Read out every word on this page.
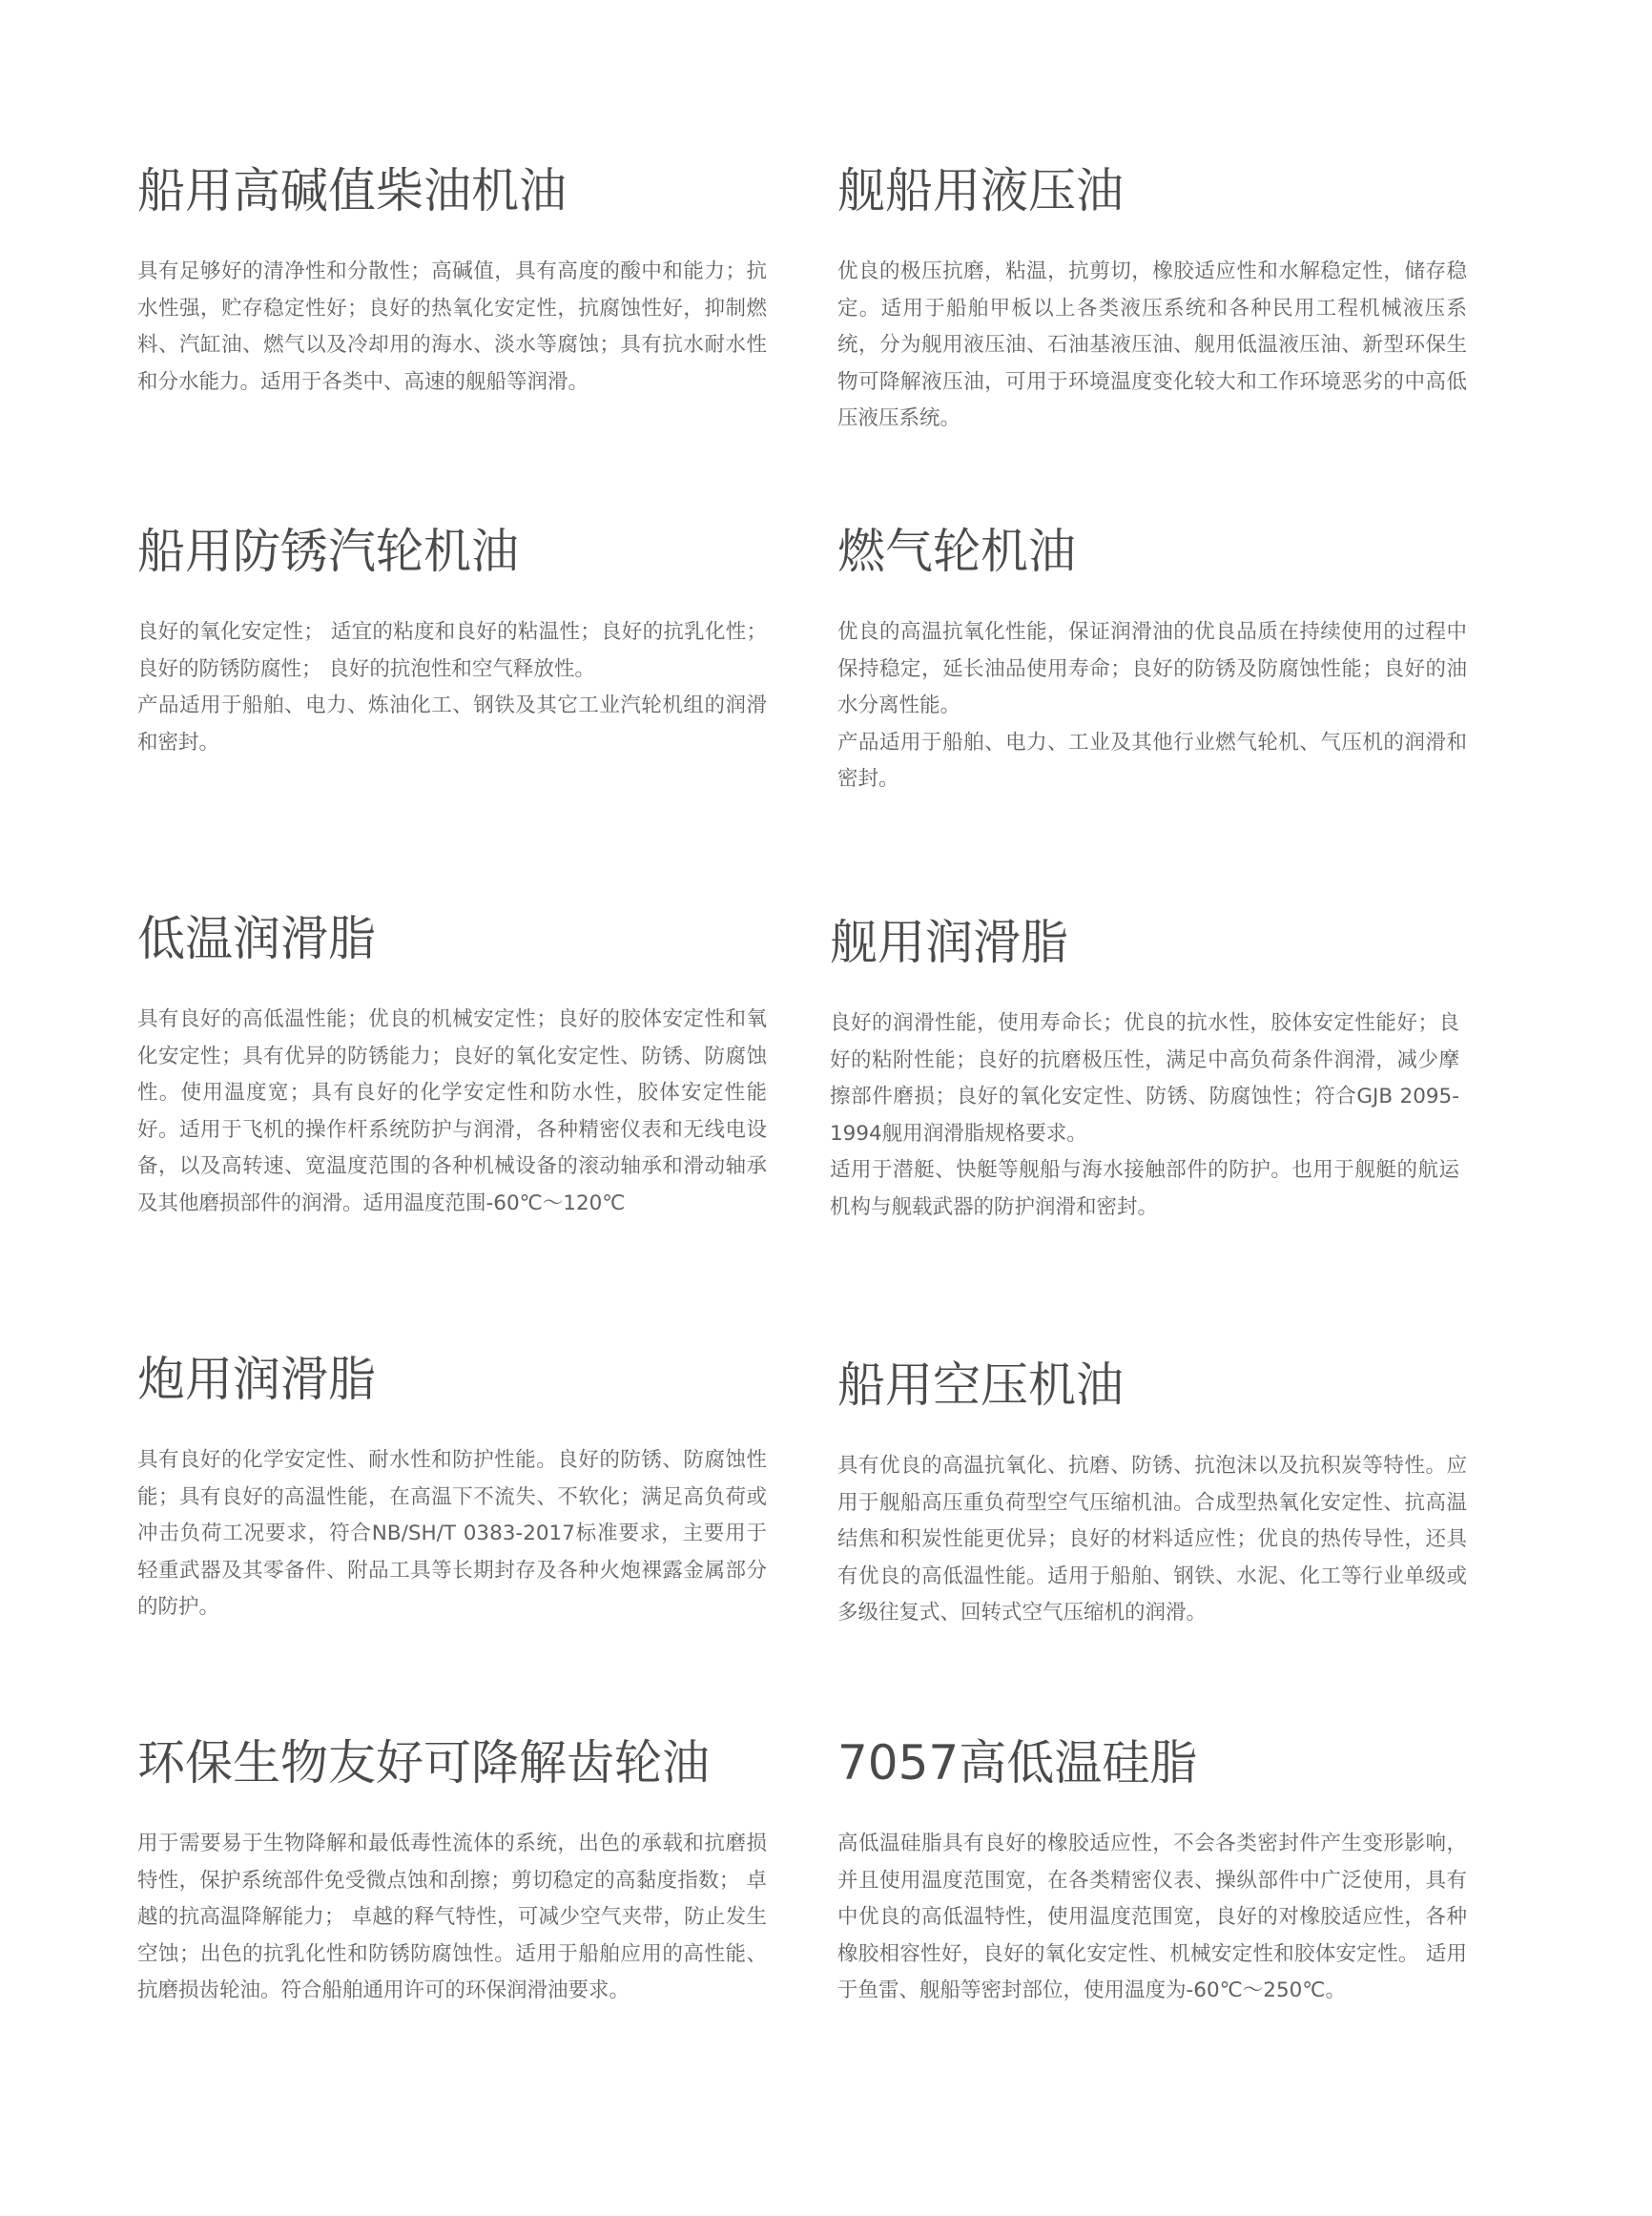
船用高碱值柴油机油

具有足够好的清净性和分散性；高碱值，具有高度的酸中和能力；抗水性强，贮存稳定性好；良好的热氧化安定性，抗腐蚀性好，抑制燃料、汽缸油、燃气以及冷却用的海水、淡水等腐蚀；具有抗水耐水性和分水能力。适用于各类中、高速的舰船等润滑。

船用防锈汽轮机油

良好的氧化安定性； 适宜的粘度和良好的粘温性；良好的抗乳化性； 良好的防锈防腐性； 良好的抗泡性和空气释放性。
产品适用于船舶、电力、炼油化工、钢铁及其它工业汽轮机组的润滑和密封。

低温润滑脂

具有良好的高低温性能；优良的机械安定性；良好的胶体安定性和氧化安定性；具有优异的防锈能力；良好的氧化安定性、防锈、防腐蚀性。使用温度宽；具有良好的化学安定性和防水性，胶体安定性能好。适用于飞机的操作杆系统防护与润滑，各种精密仪表和无线电设备，以及高转速、宽温度范围的各种机械设备的滚动轴承和滑动轴承及其他磨损部件的润滑。适用温度范围-60℃～120℃

炮用润滑脂

具有良好的化学安定性、耐水性和防护性能。良好的防锈、防腐蚀性能；具有良好的高温性能，在高温下不流失、不软化；满足高负荷或冲击负荷工况要求，符合NB/SH/T 0383-2017标准要求，主要用于轻重武器及其零备件、附品工具等长期封存及各种火炮裸露金属部分的防护。

环保生物友好可降解齿轮油

用于需要易于生物降解和最低毒性流体的系统，出色的承载和抗磨损特性，保护系统部件免受微点蚀和刮擦；剪切稳定的高黏度指数； 卓越的抗高温降解能力； 卓越的释气特性，可减少空气夹带，防止发生空蚀；出色的抗乳化性和防锈防腐蚀性。适用于船舶应用的高性能、抗磨损齿轮油。符合船舶通用许可的环保润滑油要求。

舰船用液压油

优良的极压抗磨，粘温，抗剪切，橡胶适应性和水解稳定性，储存稳定。适用于船舶甲板以上各类液压系统和各种民用工程机械液压系统，分为舰用液压油、石油基液压油、舰用低温液压油、新型环保生物可降解液压油，可用于环境温度变化较大和工作环境恶劣的中高低压液压系统。

燃气轮机油

优良的高温抗氧化性能，保证润滑油的优良品质在持续使用的过程中保持稳定，延长油品使用寿命；良好的防锈及防腐蚀性能；良好的油水分离性能。
产品适用于船舶、电力、工业及其他行业燃气轮机、气压机的润滑和密封。

舰用润滑脂

良好的润滑性能，使用寿命长；优良的抗水性，胶体安定性能好；良好的粘附性能；良好的抗磨极压性，满足中高负荷条件润滑，减少摩擦部件磨损；良好的氧化安定性、防锈、防腐蚀性；符合GJB 2095-1994舰用润滑脂规格要求。
适用于潜艇、快艇等舰船与海水接触部件的防护。也用于舰艇的航运机构与舰载武器的防护润滑和密封。

船用空压机油

具有优良的高温抗氧化、抗磨、防锈、抗泡沫以及抗积炭等特性。应用于舰船高压重负荷型空气压缩机油。合成型热氧化安定性、抗高温结焦和积炭性能更优异；良好的材料适应性；优良的热传导性，还具有优良的高低温性能。适用于船舶、钢铁、水泥、化工等行业单级或多级往复式、回转式空气压缩机的润滑。

7057高低温硅脂

高低温硅脂具有良好的橡胶适应性，不会各类密封件产生变形影响，并且使用温度范围宽，在各类精密仪表、操纵部件中广泛使用，具有中优良的高低温特性，使用温度范围宽，良好的对橡胶适应性，各种橡胶相容性好，良好的氧化安定性、机械安定性和胶体安定性。 适用于鱼雷、舰船等密封部位，使用温度为-60℃～250℃。
